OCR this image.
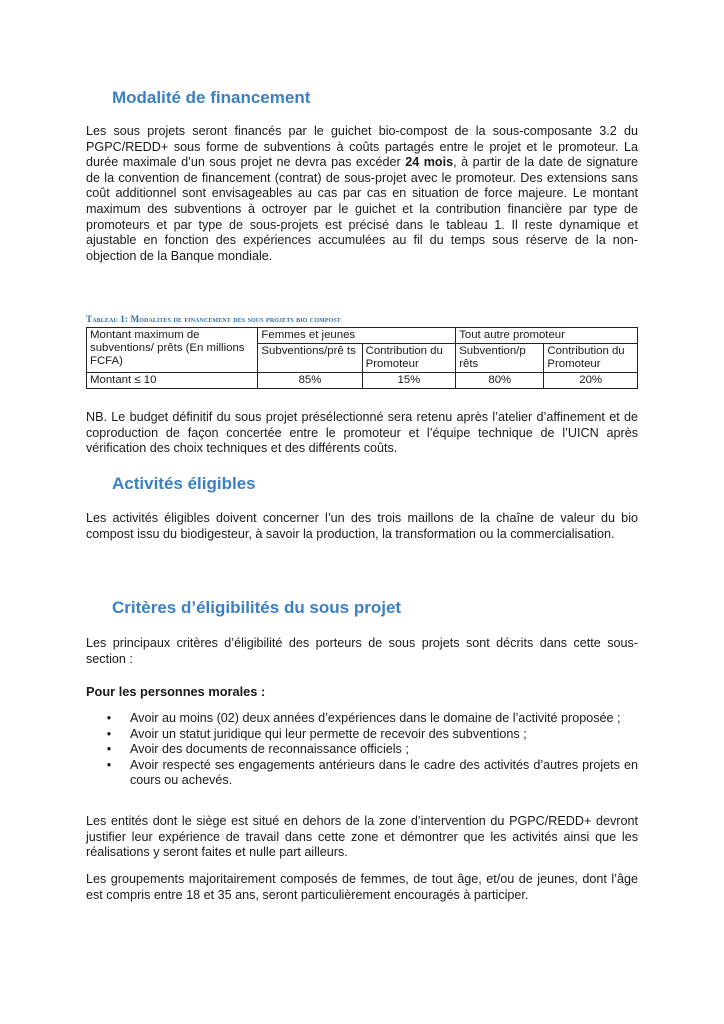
Modalité de financement

Les sous projets seront financés par le guichet bio-compost de la sous-composante 3.2 du PGPC/REDD+ sous forme de subventions à coûts partagés entre le projet et le promoteur. La durée maximale d’un sous projet ne devra pas excéder 24 mois, à partir de la date de signature de la convention de financement (contrat) de sous-projet avec le promoteur. Des extensions sans coût additionnel sont envisageables au cas par cas en situation de force majeure. Le montant maximum des subventions à octroyer par le guichet et la contribution financière par type de promoteurs et par type de sous-projets est précisé dans le tableau 1. Il reste dynamique et ajustable en fonction des expériences accumulées au fil du temps sous réserve de la non-objection de la Banque mondiale.

Tableau 1: Modalites de financement des sous projets bio compost
Montant maximum de subventions/ prêts (En millions FCFA)	Femmes et jeunes		Tout autre promoteur	
	Subventions/prê ts	Contribution du Promoteur	Subvention/p rêts	Contribution du Promoteur
Montant ≤ 10	85%	15%	80%	20%

NB. Le budget définitif du sous projet présélectionné sera retenu après l’atelier d’affinement et de coproduction de façon concertée entre le promoteur et l’équipe technique de l’UICN après vérification des choix techniques et des différents coûts.

Activités éligibles

Les activités éligibles doivent concerner l’un des trois maillons de la chaîne de valeur du bio compost issu du biodigesteur, à savoir la production, la transformation ou la commercialisation.

Critères d’éligibilités du sous projet

Les principaux critères d’éligibilité des porteurs de sous projets sont décrits dans cette sous-section :

Pour les personnes morales :
• Avoir au moins (02) deux années d’expériences dans le domaine de l’activité proposée ;
• Avoir un statut juridique qui leur permette de recevoir des subventions ;
• Avoir des documents de reconnaissance officiels ;
• Avoir respecté ses engagements antérieurs dans le cadre des activités d’autres projets en cours ou achevés.

Les entités dont le siège est situé en dehors de la zone d’intervention du PGPC/REDD+ devront justifier leur expérience de travail dans cette zone et démontrer que les activités ainsi que les réalisations y seront faites et nulle part ailleurs.

Les groupements majoritairement composés de femmes, de tout âge, et/ou de jeunes, dont l’âge est compris entre 18 et 35 ans, seront particulièrement encouragés à participer.
